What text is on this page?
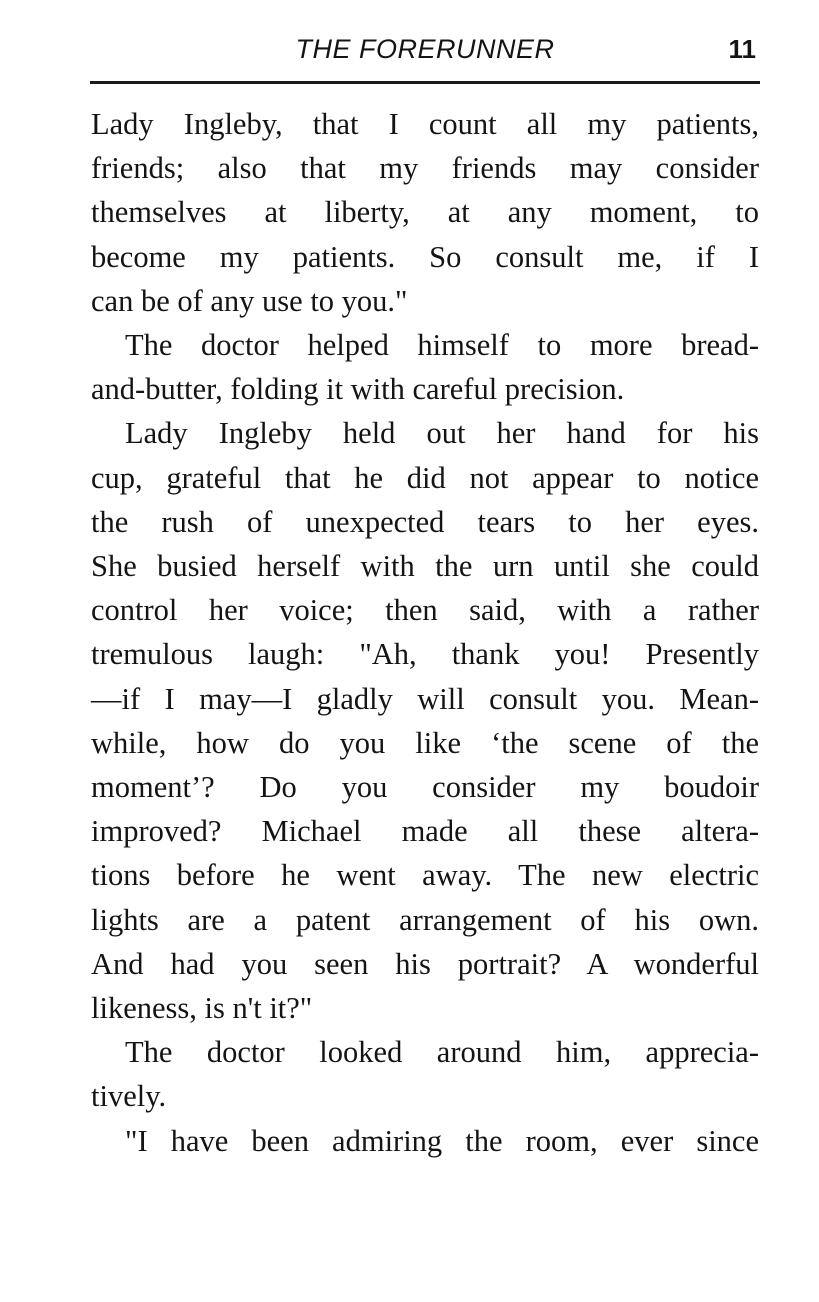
THE FORERUNNER	11
Lady Ingleby, that I count all my patients,
friends; also that my friends may consider
themselves at liberty, at any moment, to
become my patients. So consult me, if I
can be of any use to you."
The doctor helped himself to more bread-
and-butter, folding it with careful precision.
Lady Ingleby held out her hand for his
cup, grateful that he did not appear to notice
the rush of unexpected tears to her eyes.
She busied herself with the urn until she could
control her voice; then said, with a rather
tremulous laugh: "Ah, thank you! Presently
—if I may—I gladly will consult you. Mean-
while, how do you like ‘the scene of the
moment’? Do you consider my boudoir
improved? Michael made all these altera-
tions before he went away. The new electric
lights are a patent arrangement of his own.
And had you seen his portrait? A wonderful
likeness, is n't it?"
The doctor looked around him, apprecia-
tively.
"I have been admiring the room, ever since
